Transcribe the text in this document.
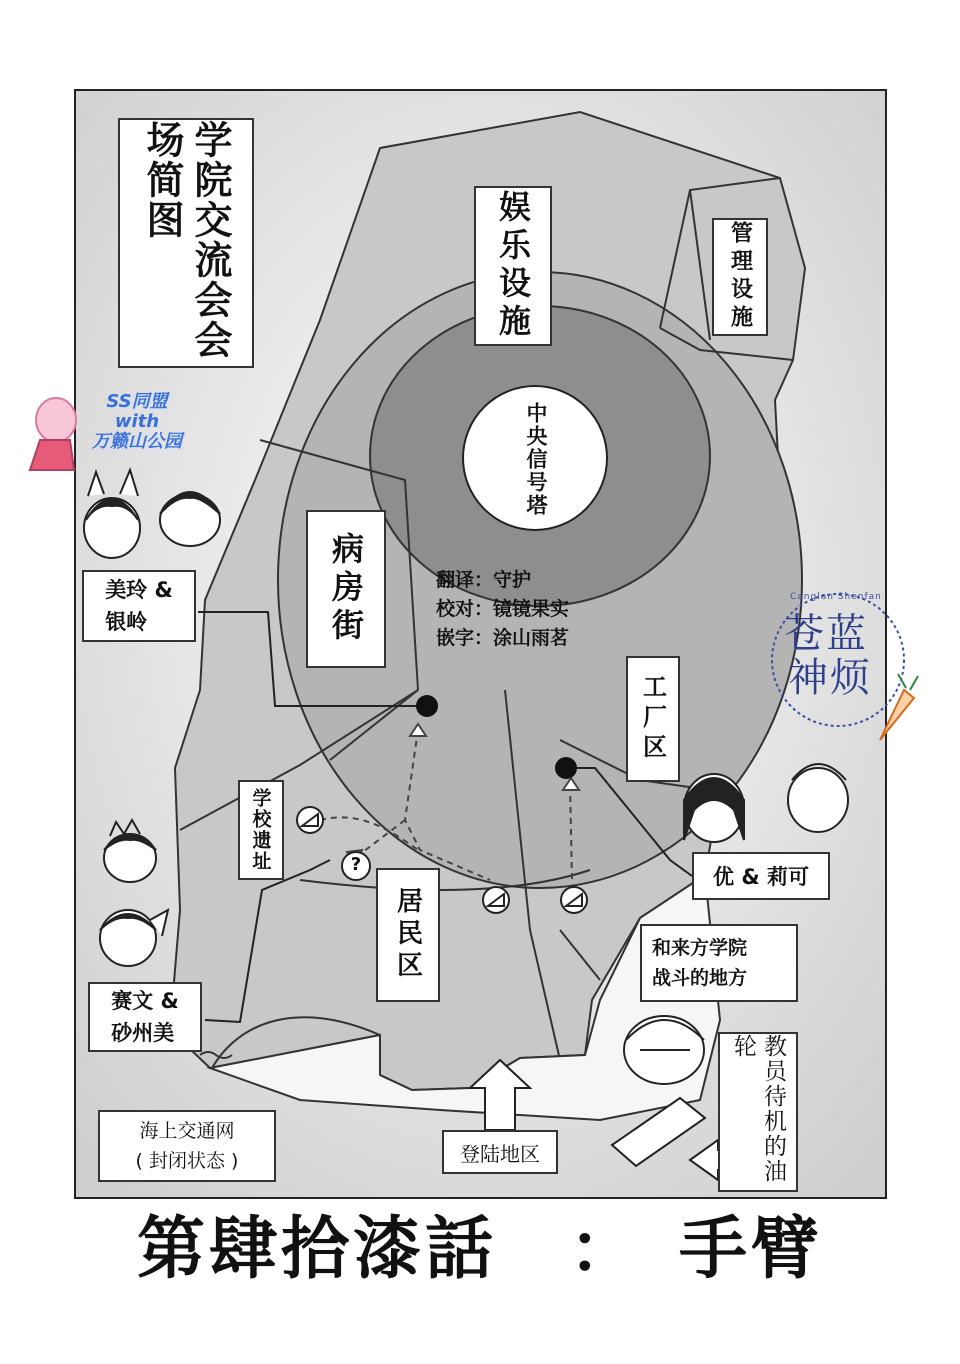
学院交流会会场简图
娱乐设施	管理设施
中央信号塔
病房街
工厂区
学校遗址
居民区
美玲 &
银岭
优 & 莉可
赛文 &
砂州美
和来方学院
战斗的地方
?
海上交通网
( 封闭状态 )	登陆地区	教员待机的油轮
翻译：守护
校对：镜镜果实
嵌字：涂山雨茗
SS同盟
with
万籁山公园
苍蓝
神烦
Canglan Shenfan
第肆拾漆話　：　手臂
